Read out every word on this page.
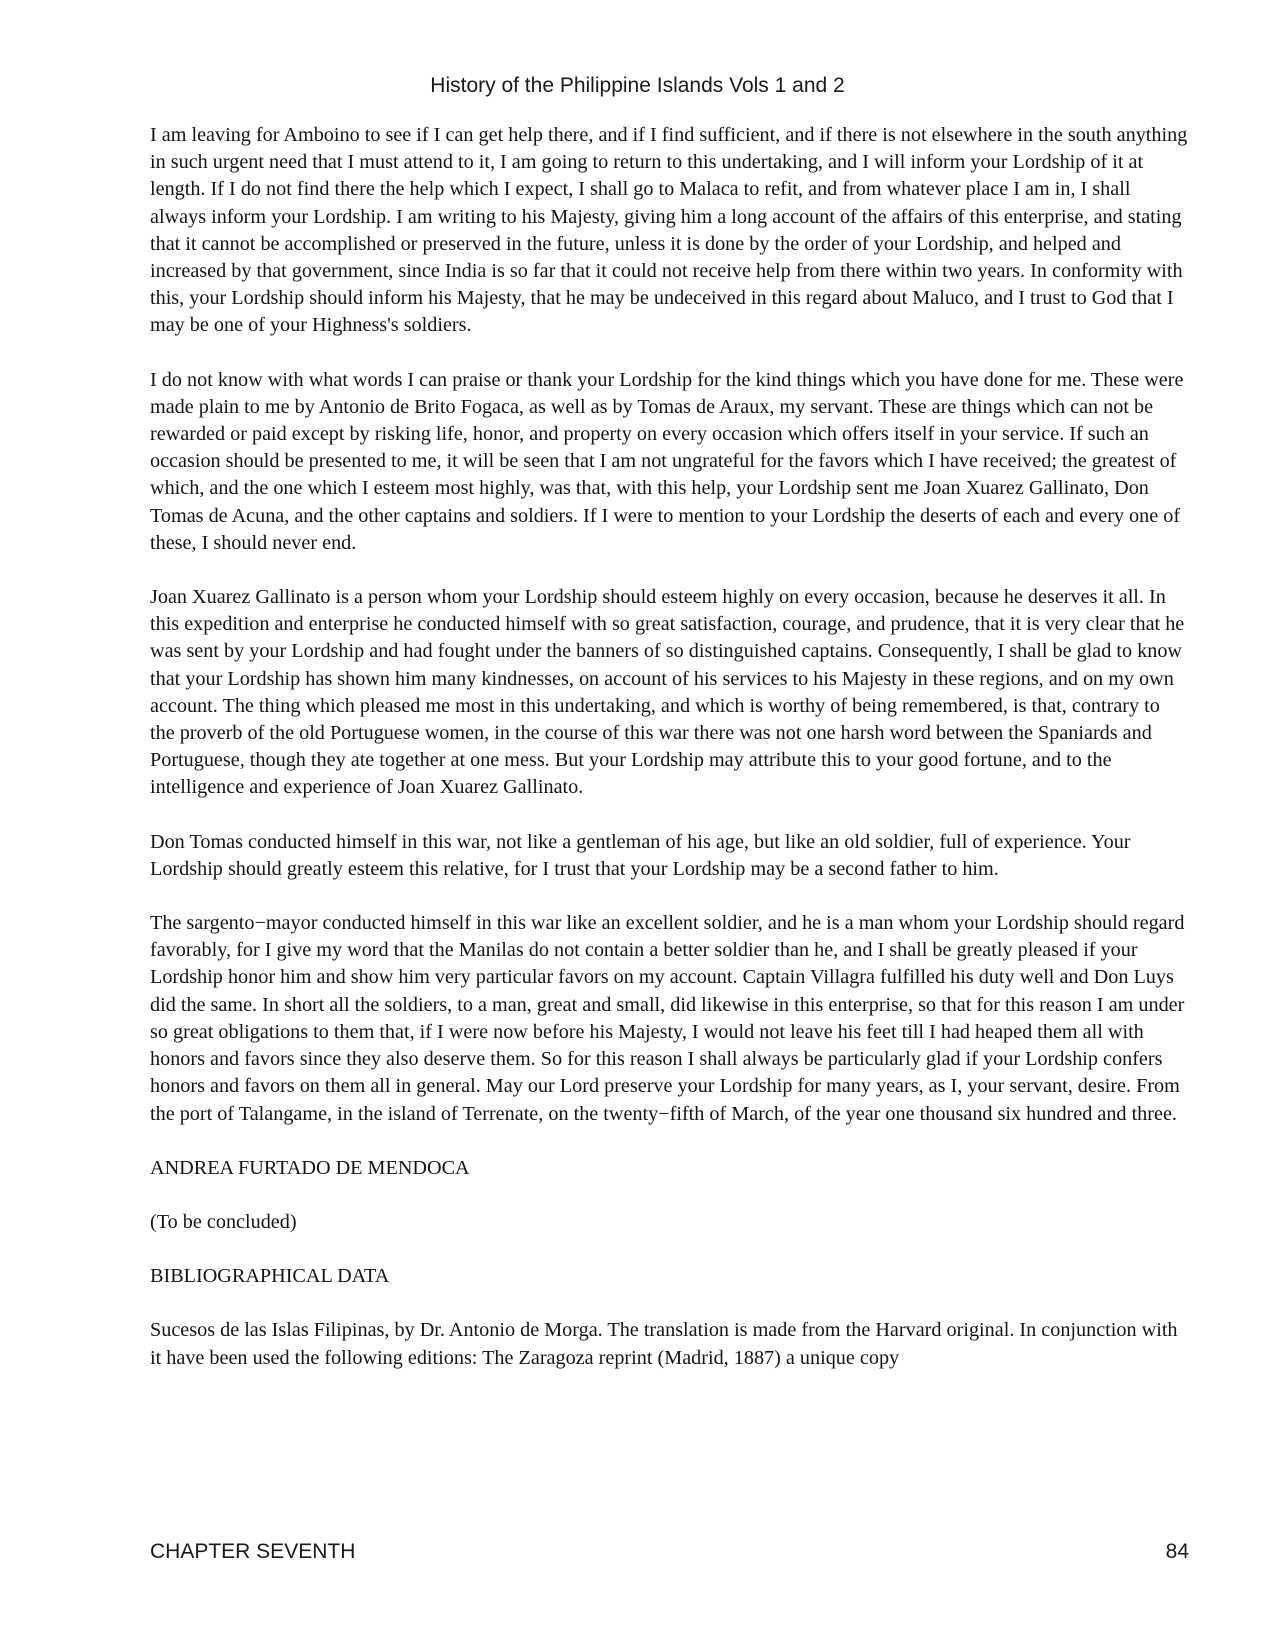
History of the Philippine Islands Vols 1 and 2

I am leaving for Amboino to see if I can get help there, and if I find sufficient, and if there is not elsewhere in the south anything in such urgent need that I must attend to it, I am going to return to this undertaking, and I will inform your Lordship of it at length. If I do not find there the help which I expect, I shall go to Malaca to refit, and from whatever place I am in, I shall always inform your Lordship. I am writing to his Majesty, giving him a long account of the affairs of this enterprise, and stating that it cannot be accomplished or preserved in the future, unless it is done by the order of your Lordship, and helped and increased by that government, since India is so far that it could not receive help from there within two years. In conformity with this, your Lordship should inform his Majesty, that he may be undeceived in this regard about Maluco, and I trust to God that I may be one of your Highness's soldiers.

I do not know with what words I can praise or thank your Lordship for the kind things which you have done for me. These were made plain to me by Antonio de Brito Fogaca, as well as by Tomas de Araux, my servant. These are things which can not be rewarded or paid except by risking life, honor, and property on every occasion which offers itself in your service. If such an occasion should be presented to me, it will be seen that I am not ungrateful for the favors which I have received; the greatest of which, and the one which I esteem most highly, was that, with this help, your Lordship sent me Joan Xuarez Gallinato, Don Tomas de Acuna, and the other captains and soldiers. If I were to mention to your Lordship the deserts of each and every one of these, I should never end.

Joan Xuarez Gallinato is a person whom your Lordship should esteem highly on every occasion, because he deserves it all. In this expedition and enterprise he conducted himself with so great satisfaction, courage, and prudence, that it is very clear that he was sent by your Lordship and had fought under the banners of so distinguished captains. Consequently, I shall be glad to know that your Lordship has shown him many kindnesses, on account of his services to his Majesty in these regions, and on my own account. The thing which pleased me most in this undertaking, and which is worthy of being remembered, is that, contrary to the proverb of the old Portuguese women, in the course of this war there was not one harsh word between the Spaniards and Portuguese, though they ate together at one mess. But your Lordship may attribute this to your good fortune, and to the intelligence and experience of Joan Xuarez Gallinato.

Don Tomas conducted himself in this war, not like a gentleman of his age, but like an old soldier, full of experience. Your Lordship should greatly esteem this relative, for I trust that your Lordship may be a second father to him.

The sargento−mayor conducted himself in this war like an excellent soldier, and he is a man whom your Lordship should regard favorably, for I give my word that the Manilas do not contain a better soldier than he, and I shall be greatly pleased if your Lordship honor him and show him very particular favors on my account. Captain Villagra fulfilled his duty well and Don Luys did the same. In short all the soldiers, to a man, great and small, did likewise in this enterprise, so that for this reason I am under so great obligations to them that, if I were now before his Majesty, I would not leave his feet till I had heaped them all with honors and favors since they also deserve them. So for this reason I shall always be particularly glad if your Lordship confers honors and favors on them all in general. May our Lord preserve your Lordship for many years, as I, your servant, desire. From the port of Talangame, in the island of Terrenate, on the twenty−fifth of March, of the year one thousand six hundred and three.

ANDREA FURTADO DE MENDOCA

(To be concluded)

BIBLIOGRAPHICAL DATA

Sucesos de las Islas Filipinas, by Dr. Antonio de Morga. The translation is made from the Harvard original. In conjunction with it have been used the following editions: The Zaragoza reprint (Madrid, 1887) a unique copy

CHAPTER SEVENTH	84
